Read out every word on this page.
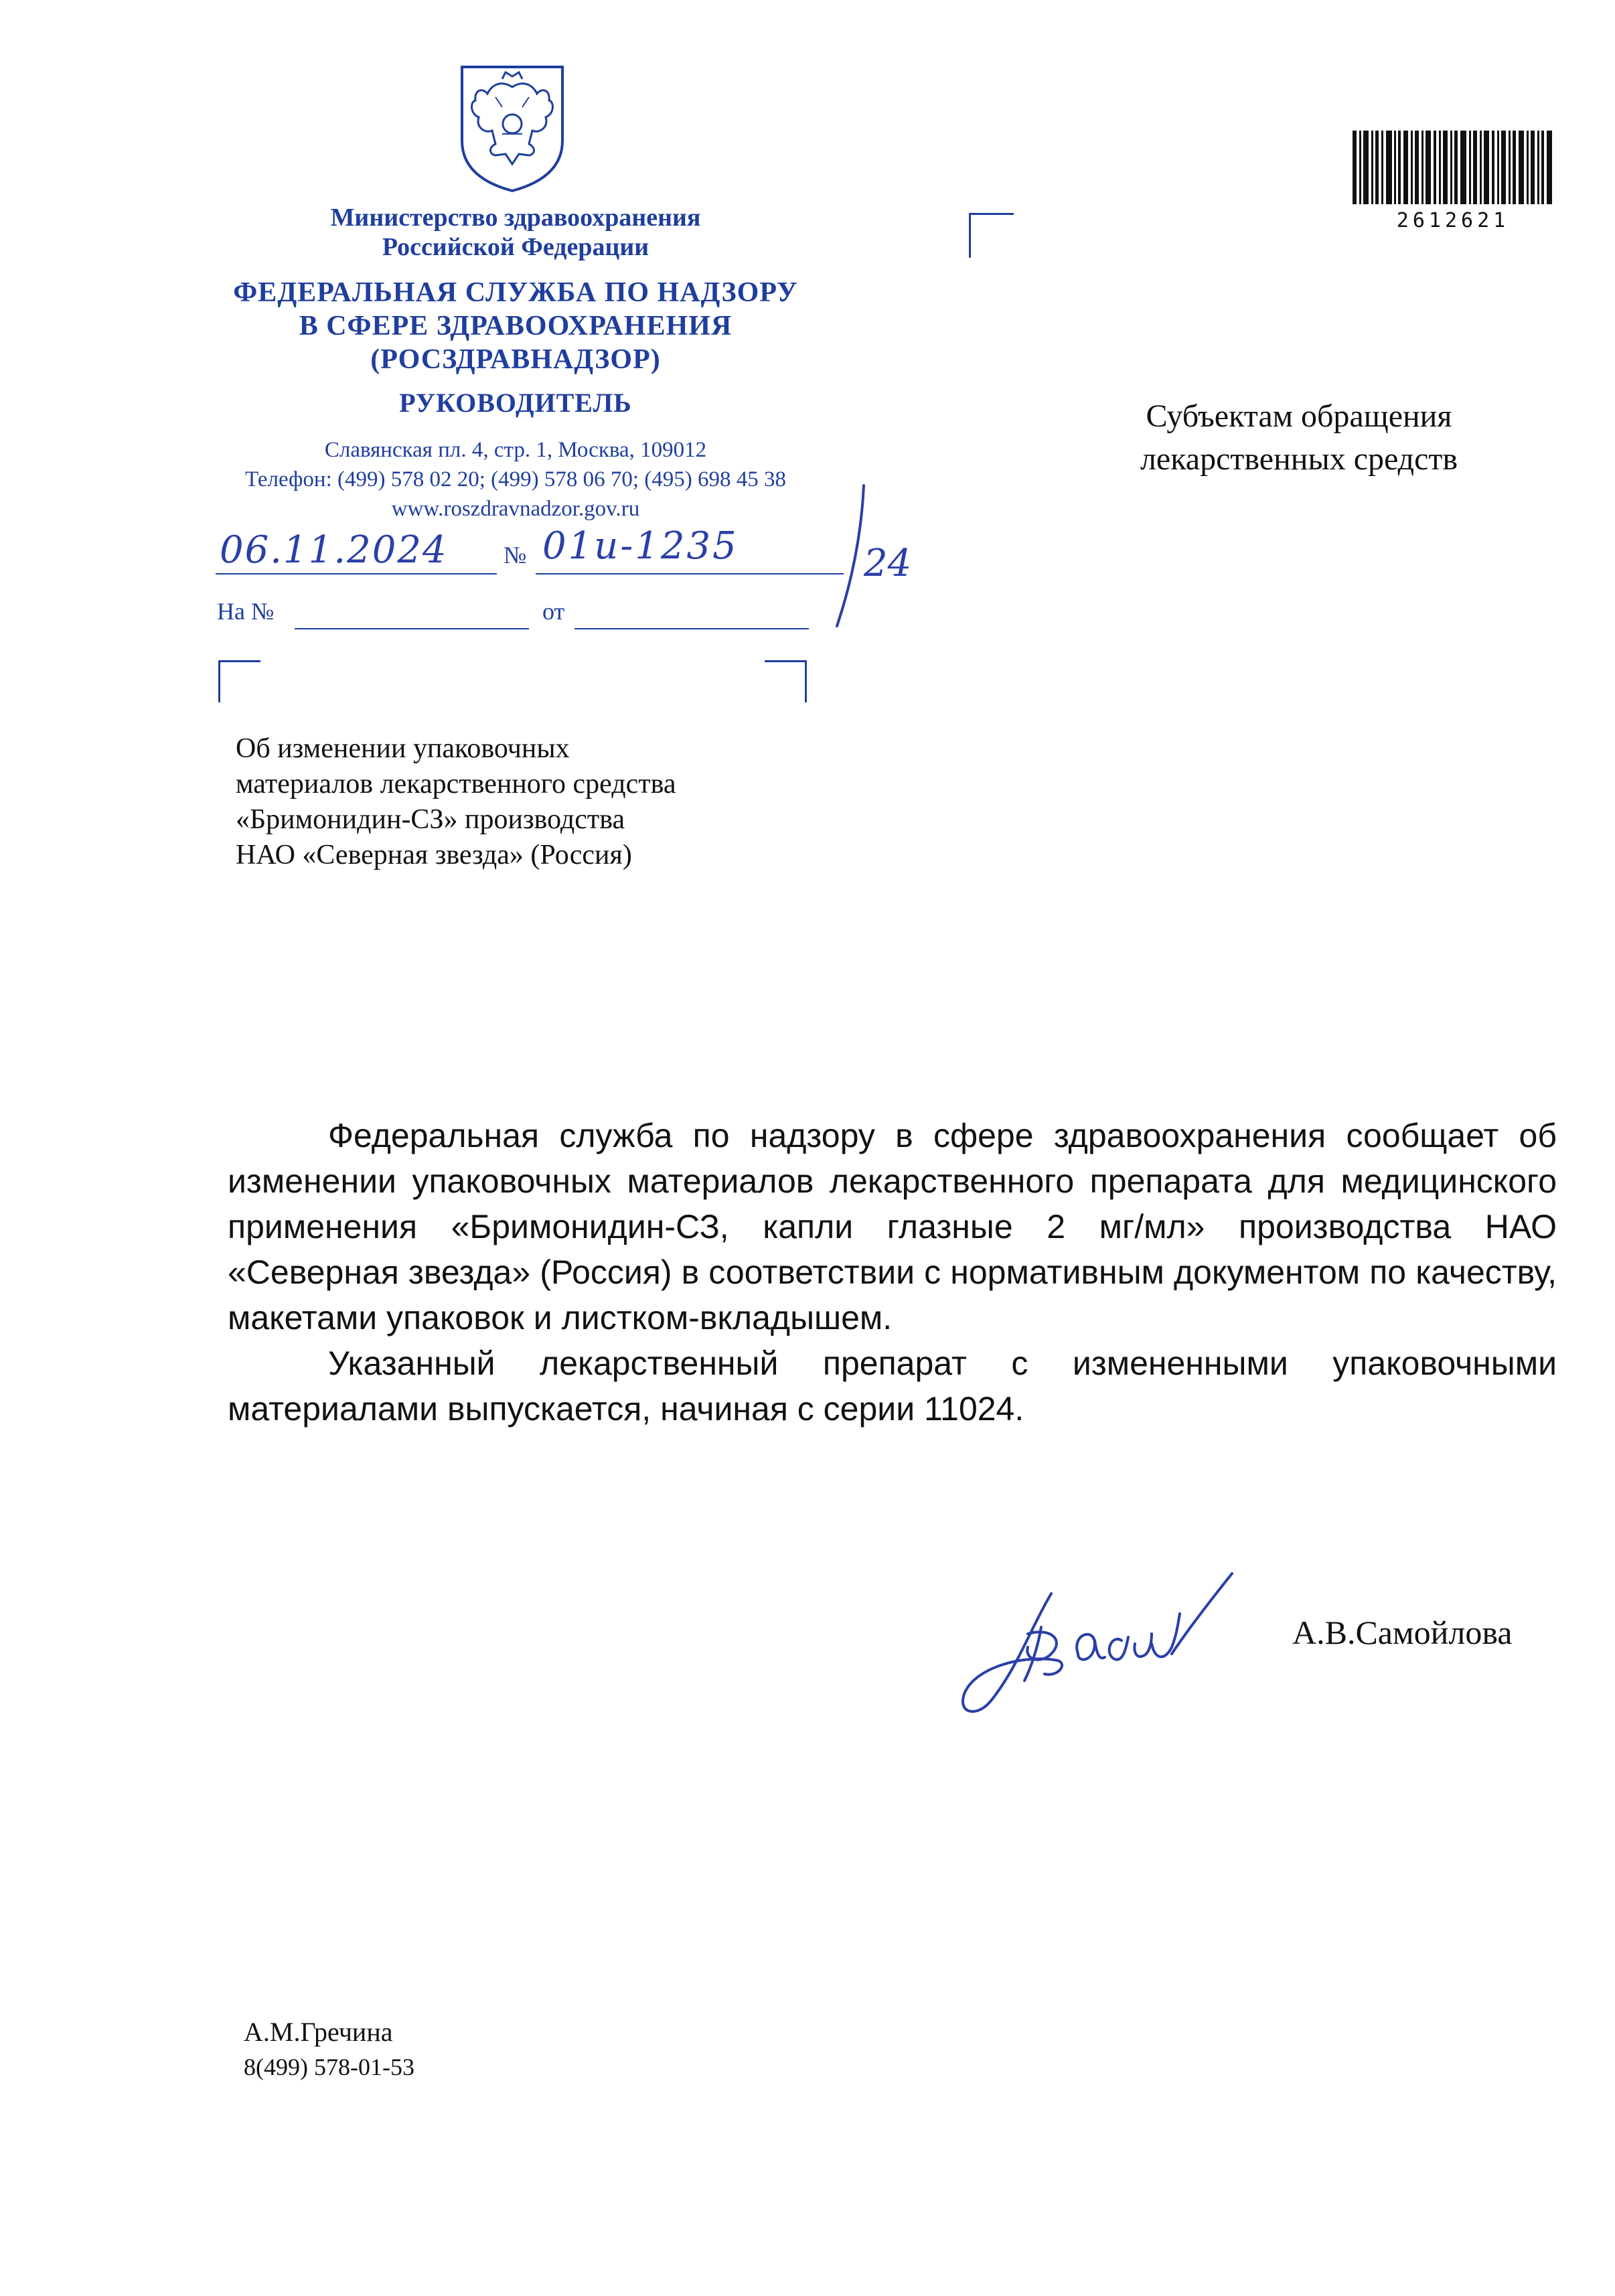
Министерство здравоохранения
Российской Федерации
ФЕДЕРАЛЬНАЯ СЛУЖБА ПО НАДЗОРУ
В СФЕРЕ ЗДРАВООХРАНЕНИЯ
(РОСЗДРАВНАДЗОР)
РУКОВОДИТЕЛЬ
Славянская пл. 4, стр. 1, Москва, 109012
Телефон: (499) 578 02 20; (499) 578 06 70; (495) 698 45 38
www.roszdravnadzor.gov.ru
06.11.2024 № 01и-1235	24
На №	от
2612621
Субъектам обращения
лекарственных средств
Об изменении упаковочных
материалов лекарственного средства
«Бримонидин-СЗ» производства
НАО «Северная звезда» (Россия)

Федеральная служба по надзору в сфере здравоохранения сообщает об изменении упаковочных материалов лекарственного препарата для медицинского применения «Бримонидин-СЗ, капли глазные 2 мг/мл» производства НАО «Северная звезда» (Россия) в соответствии с нормативным документом по качеству, макетами упаковок и листком-вкладышем.

Указанный лекарственный препарат с измененными упаковочными материалами выпускается, начиная с серии 11024.

А.В.Самойлова
А.М.Гречина
8(499) 578-01-53
